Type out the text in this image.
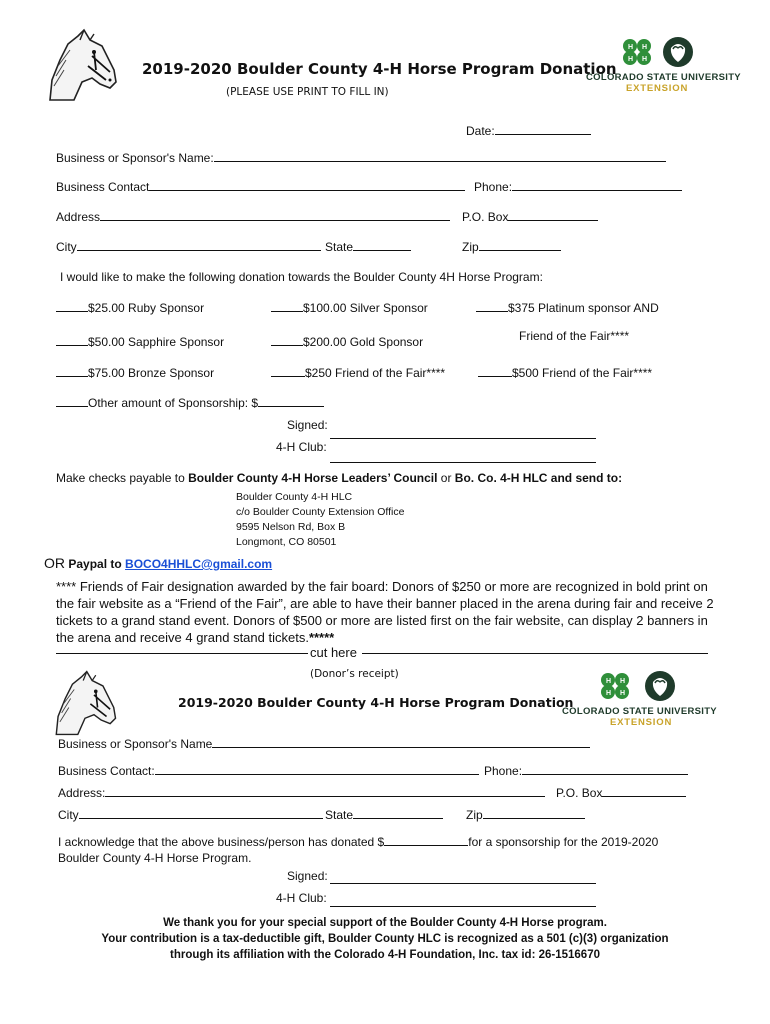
2019-2020 Boulder County 4-H Horse Program Donation
(PLEASE USE PRINT TO FILL IN)
H H
H H
COLORADO STATE UNIVERSITY
EXTENSION
Date:
Business or Sponsor's Name:
Business Contact	Phone:
Address	P.O. Box
City	State	Zip
I would like to make the following donation towards the Boulder County 4H Horse Program:
$25.00 Ruby Sponsor	$100.00 Silver Sponsor	$375 Platinum sponsor AND
Friend of the Fair****
$50.00 Sapphire Sponsor	$200.00 Gold Sponsor
$75.00 Bronze Sponsor	$250 Friend of the Fair****	$500 Friend of the Fair****
Other amount of Sponsorship: $
Signed:
4-H Club:
Make checks payable to Boulder County 4-H Horse Leaders’ Council or Bo. Co. 4-H HLC and send to:
Boulder County 4-H HLC
c/o Boulder County Extension Office
9595 Nelson Rd, Box B
Longmont, CO 80501
OR Paypal to BOCO4HHLC@gmail.com
**** Friends of Fair designation awarded by the fair board: Donors of $250 or more are recognized in bold print on the fair website as a “Friend of the Fair”, are able to have their banner placed in the arena during fair and receive 2 tickets to a grand stand event. Donors of $500 or more are listed first on the fair website, can display 2 banners in the arena and receive 4 grand stand tickets.*****
cut here
(Donor’s receipt)
2019-2020 Boulder County 4-H Horse Program Donation
H H
H H
COLORADO STATE UNIVERSITY
EXTENSION
Business or Sponsor's Name
Business Contact:	Phone:
Address:	P.O. Box
City	State	Zip
I acknowledge that the above business/person has donated $	for a sponsorship for the 2019-2020
Boulder County 4-H Horse Program.
Signed:
4-H Club:
We thank you for your special support of the Boulder County 4-H Horse program.
Your contribution is a tax-deductible gift, Boulder County HLC is recognized as a 501 (c)(3) organization
through its affiliation with the Colorado 4-H Foundation, Inc. tax id: 26-1516670
